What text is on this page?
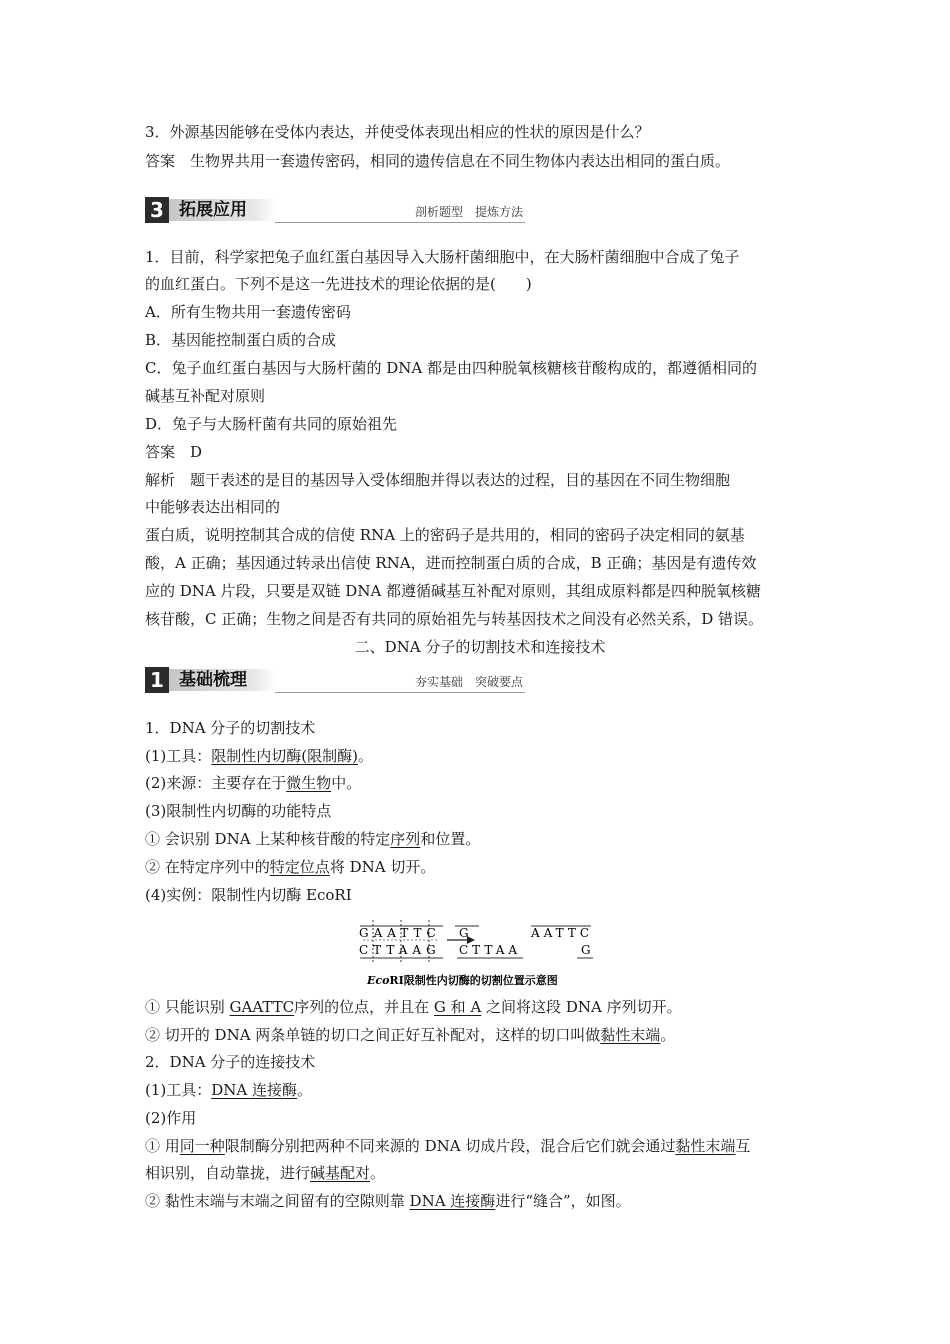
3．外源基因能够在受体内表达，并使受体表现出相应的性状的原因是什么？
答案　生物界共用一套遗传密码，相同的遗传信息在不同生物体内表达出相同的蛋白质。
3 拓展应用	剖析题型　提炼方法
1．目前，科学家把兔子血红蛋白基因导入大肠杆菌细胞中，在大肠杆菌细胞中合成了兔子
的血红蛋白。下列不是这一先进技术的理论依据的是(　　)
A．所有生物共用一套遗传密码
B．基因能控制蛋白质的合成
C．兔子血红蛋白基因与大肠杆菌的 DNA 都是由四种脱氧核糖核苷酸构成的，都遵循相同的
碱基互补配对原则
D．兔子与大肠杆菌有共同的原始祖先
答案　D
解析　题干表述的是目的基因导入受体细胞并得以表达的过程，目的基因在不同生物细胞
中能够表达出相同的
蛋白质，说明控制其合成的信使 RNA 上的密码子是共用的，相同的密码子决定相同的氨基
酸，A 正确；基因通过转录出信使 RNA，进而控制蛋白质的合成，B 正确；基因是有遗传效
应的 DNA 片段，只要是双链 DNA 都遵循碱基互补配对原则，其组成原料都是四种脱氧核糖
核苷酸，C 正确；生物之间是否有共同的原始祖先与转基因技术之间没有必然关系，D 错误。
二、DNA 分子的切割技术和连接技术
1 基础梳理	夯实基础　突破要点
1．DNA 分子的切割技术
(1)工具：限制性内切酶(限制酶)。
(2)来源：主要存在于微生物中。
(3)限制性内切酶的功能特点
① 会识别 DNA 上某种核苷酸的特定序列和位置。
② 在特定序列中的特定位点将 DNA 切开。
(4)实例：限制性内切酶 EcoRⅠ
GAATTC
CTTAAG
G
CTTAA
AATTC
G
EcoRⅠ限制性内切酶的切割位置示意图
① 只能识别 GAATTC序列的位点，并且在 G 和 A 之间将这段 DNA 序列切开。
② 切开的 DNA 两条单链的切口之间正好互补配对，这样的切口叫做黏性末端。
2．DNA 分子的连接技术
(1)工具：DNA 连接酶。
(2)作用
① 用同一种限制酶分别把两种不同来源的 DNA 切成片段，混合后它们就会通过黏性末端互
相识别，自动靠拢，进行碱基配对。
② 黏性末端与末端之间留有的空隙则靠 DNA 连接酶进行“缝合”，如图。
